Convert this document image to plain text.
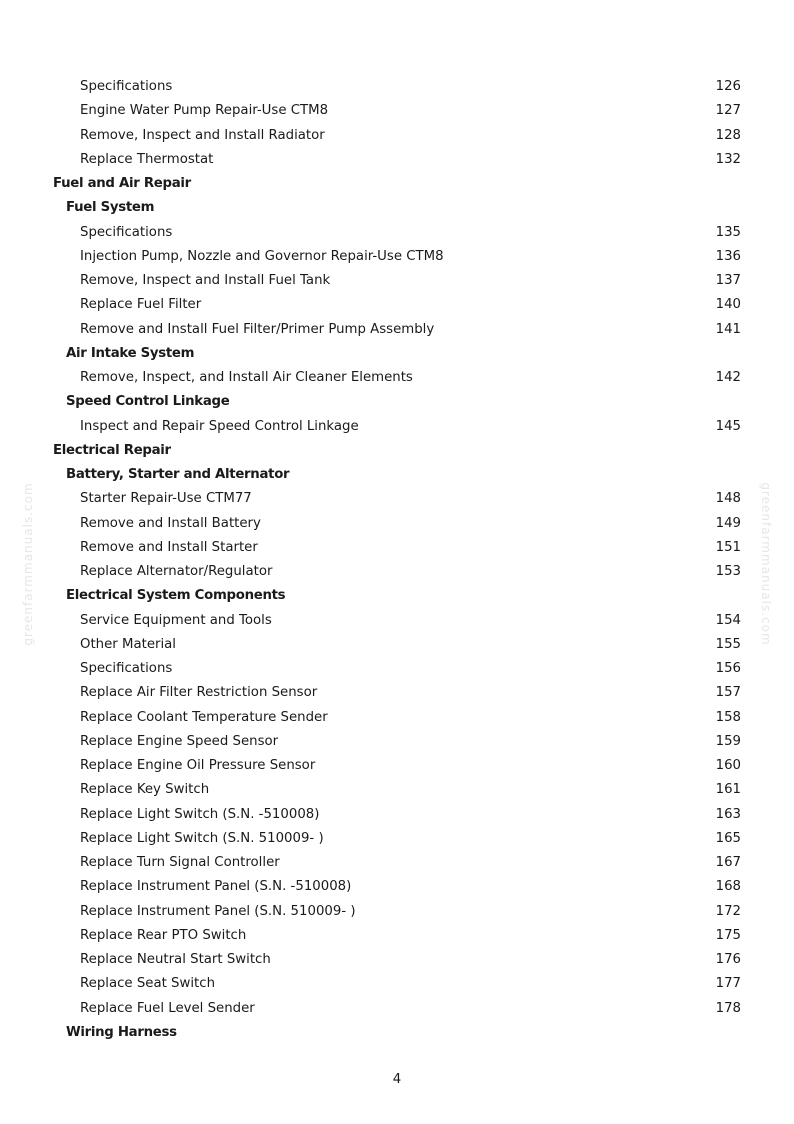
greenfarmmanuals.com	greenfarmmanuals.com
Specifications	126
Engine Water Pump Repair-Use CTM8	127
Remove, Inspect and Install Radiator	128
Replace Thermostat	132
Fuel and Air Repair
Fuel System
Specifications	135
Injection Pump, Nozzle and Governor Repair-Use CTM8	136
Remove, Inspect and Install Fuel Tank	137
Replace Fuel Filter	140
Remove and Install Fuel Filter/Primer Pump Assembly	141
Air Intake System
Remove, Inspect, and Install Air Cleaner Elements	142
Speed Control Linkage
Inspect and Repair Speed Control Linkage	145
Electrical Repair
Battery, Starter and Alternator
Starter Repair-Use CTM77	148
Remove and Install Battery	149
Remove and Install Starter	151
Replace Alternator/Regulator	153
Electrical System Components
Service Equipment and Tools	154
Other Material	155
Specifications	156
Replace Air Filter Restriction Sensor	157
Replace Coolant Temperature Sender	158
Replace Engine Speed Sensor	159
Replace Engine Oil Pressure Sensor	160
Replace Key Switch	161
Replace Light Switch (S.N. -510008)	163
Replace Light Switch (S.N. 510009- )	165
Replace Turn Signal Controller	167
Replace Instrument Panel (S.N. -510008)	168
Replace Instrument Panel (S.N. 510009- )	172
Replace Rear PTO Switch	175
Replace Neutral Start Switch	176
Replace Seat Switch	177
Replace Fuel Level Sender	178
Wiring Harness
4
